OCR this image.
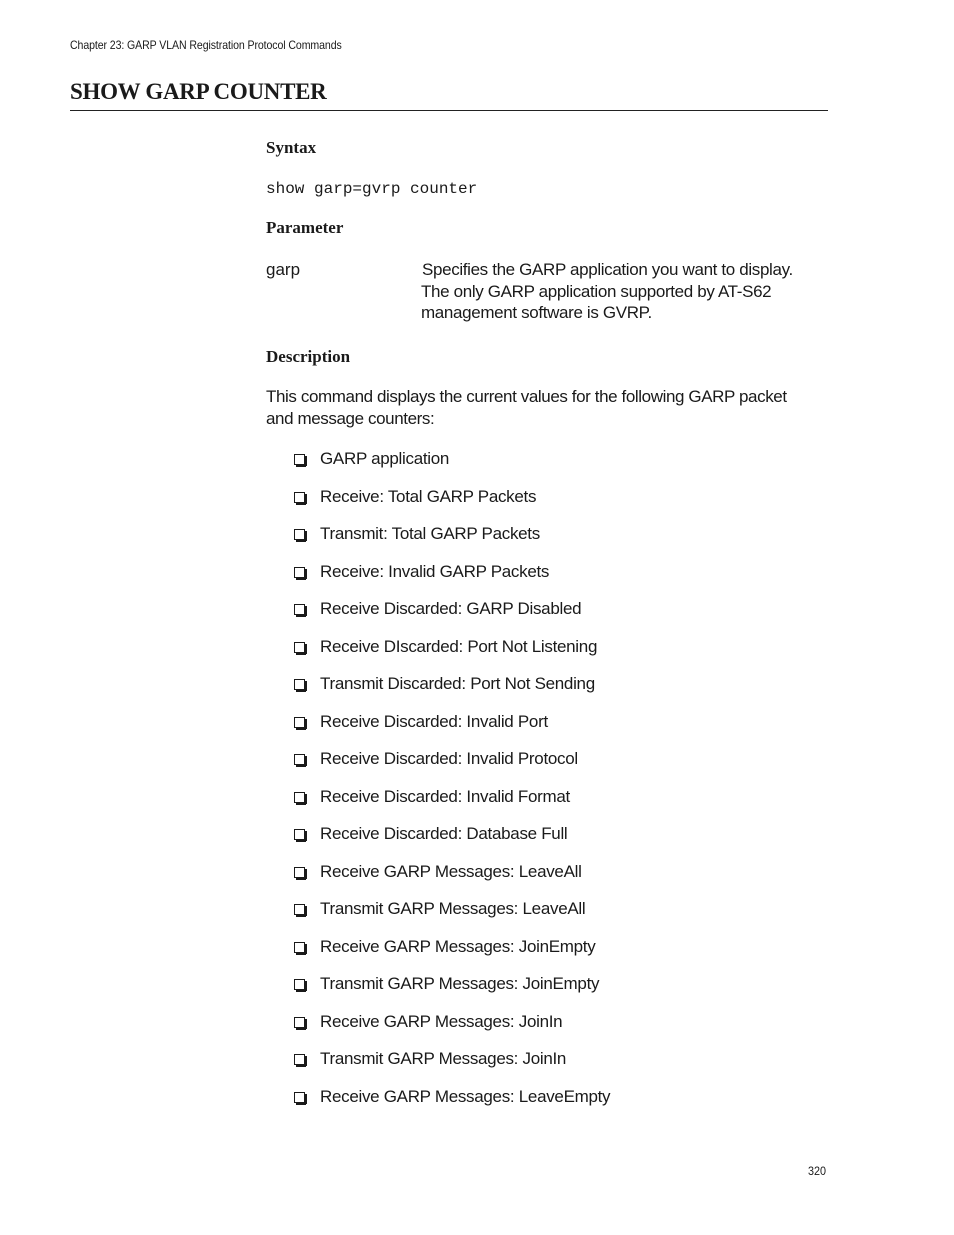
Chapter 23: GARP VLAN Registration Protocol Commands
SHOW GARP COUNTER
Syntax
show garp=gvrp counter
Parameter
garp	Specifies the GARP application you want to display.
The only GARP application supported by AT-S62
management software is GVRP.
Description
This command displays the current values for the following GARP packet
and message counters:
GARP application
Receive: Total GARP Packets
Transmit: Total GARP Packets
Receive: Invalid GARP Packets
Receive Discarded: GARP Disabled
Receive DIscarded: Port Not Listening
Transmit Discarded: Port Not Sending
Receive Discarded: Invalid Port
Receive Discarded: Invalid Protocol
Receive Discarded: Invalid Format
Receive Discarded: Database Full
Receive GARP Messages: LeaveAll
Transmit GARP Messages: LeaveAll
Receive GARP Messages: JoinEmpty
Transmit GARP Messages: JoinEmpty
Receive GARP Messages: JoinIn
Transmit GARP Messages: JoinIn
Receive GARP Messages: LeaveEmpty
320
